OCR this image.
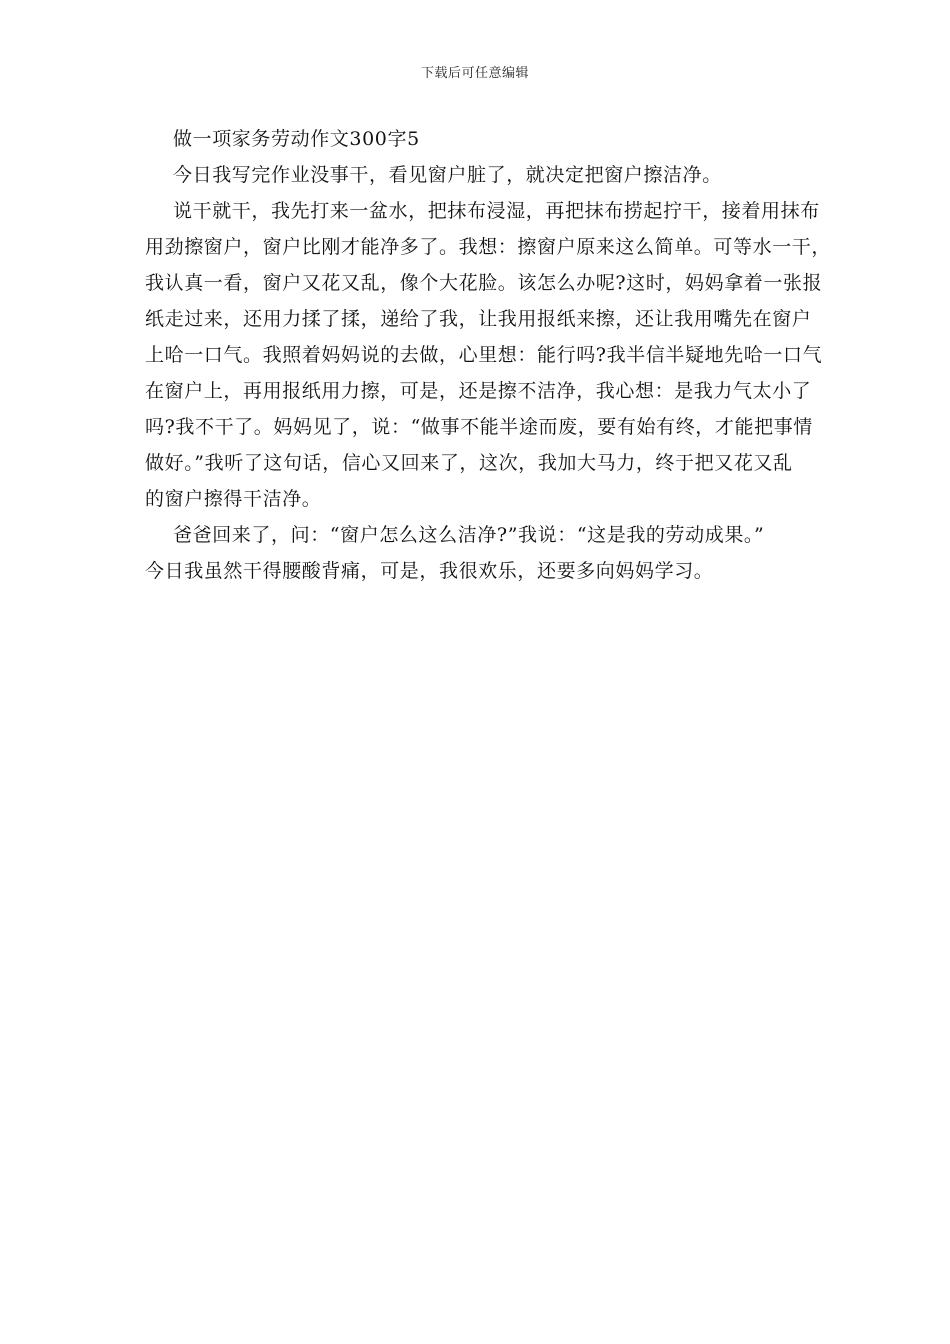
下载后可任意编辑
做一项家务劳动作文300字5
今日我写完作业没事干，看见窗户脏了，就决定把窗户擦洁净。
说干就干，我先打来一盆水，把抹布浸湿，再把抹布捞起拧干，接着用抹布
用劲擦窗户，窗户比刚才能净多了。我想：擦窗户原来这么简单。可等水一干，
我认真一看，窗户又花又乱，像个大花脸。该怎么办呢?这时，妈妈拿着一张报
纸走过来，还用力揉了揉，递给了我，让我用报纸来擦，还让我用嘴先在窗户
上哈一口气。我照着妈妈说的去做，心里想：能行吗?我半信半疑地先哈一口气
在窗户上，再用报纸用力擦，可是，还是擦不洁净，我心想：是我力气太小了
吗?我不干了。妈妈见了，说：“做事不能半途而废，要有始有终，才能把事情
做好。”我听了这句话，信心又回来了，这次，我加大马力，终于把又花又乱
的窗户擦得干洁净。
爸爸回来了，问：“窗户怎么这么洁净?”我说：“这是我的劳动成果。”
今日我虽然干得腰酸背痛，可是，我很欢乐，还要多向妈妈学习。
